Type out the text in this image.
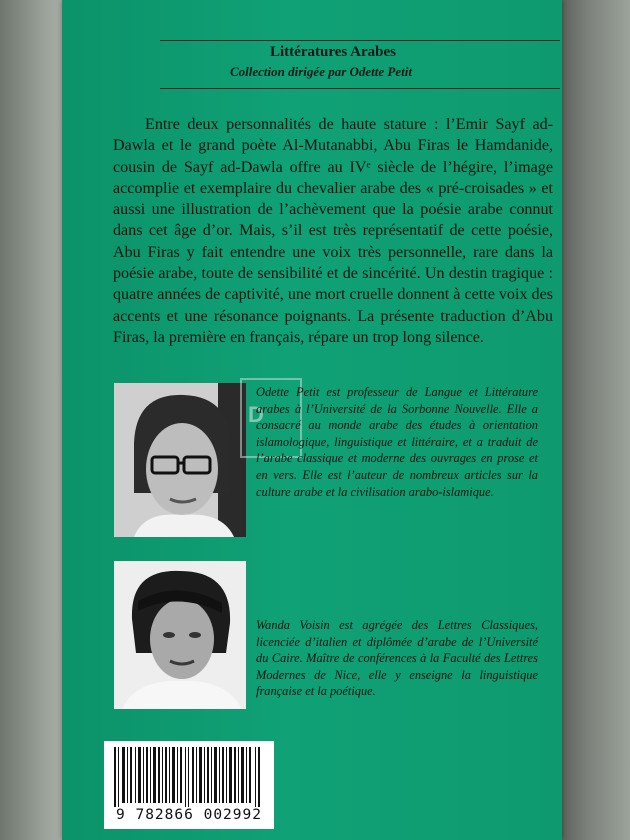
Littératures Arabes
Collection dirigée par Odette Petit
Entre deux personnalités de haute stature : l’Emir Sayf ad-Dawla et le grand poète Al-Mutanabbi, Abu Firas le Hamdanide, cousin de Sayf ad-Dawla offre au IVᵉ siècle de l’hégire, l’image accomplie et exemplaire du chevalier arabe des « pré-croisades » et aussi une illustration de l’achèvement que la poésie arabe connut dans cet âge d’or. Mais, s’il est très représentatif de cette poésie, Abu Firas y fait entendre une voix très personnelle, rare dans la poésie arabe, toute de sensibilité et de sincérité. Un destin tragique : quatre années de captivité, une mort cruelle donnent à cette voix des accents et une résonance poignants. La présente traduction d’Abu Firas, la première en français, répare un trop long silence.
D
Odette Petit est professeur de Langue et Littérature arabes à l’Université de la Sorbonne Nouvelle. Elle a consacré au monde arabe des études à orientation islamologique, linguistique et littéraire, et a traduit de l’arabe classique et moderne des ouvrages en prose et en vers. Elle est l’auteur de nombreux articles sur la culture arabe et la civilisation arabo-islamique.
Wanda Voisin est agrégée des Lettres Classiques, licenciée d’italien et diplômée d’arabe de l’Université du Caire. Maître de conférences à la Faculté des Lettres Modernes de Nice, elle y enseigne la linguistique française et la poétique.
9 782866 002992
